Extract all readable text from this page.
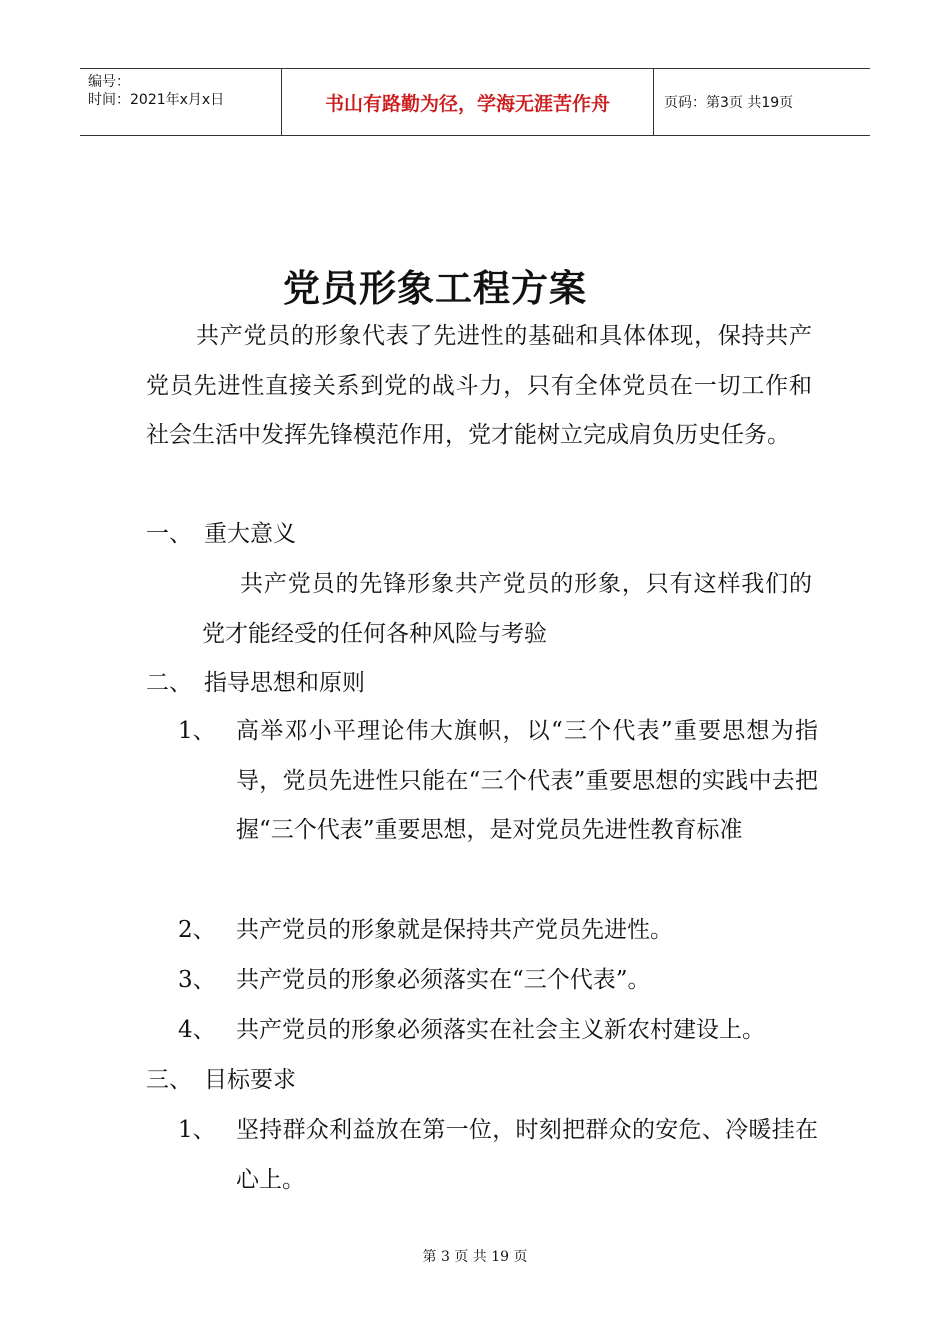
编号：
时间：2021年x月x日	书山有路勤为径，学海无涯苦作舟	页码：第3页 共19页
党员形象工程方案

共产党员的形象代表了先进性的基础和具体体现，保持共产党员先进性直接关系到党的战斗力，只有全体党员在一切工作和社会生活中发挥先锋模范作用，党才能树立完成肩负历史任务。

一、 重大意义

共产党员的先锋形象共产党员的形象，只有这样我们的党才能经受的任何各种风险与考验

二、 指导思想和原则
1、 高举邓小平理论伟大旗帜，以“三个代表”重要思想为指导，党员先进性只能在“三个代表”重要思想的实践中去把握“三个代表”重要思想，是对党员先进性教育标准
2、 共产党员的形象就是保持共产党员先进性。
3、 共产党员的形象必须落实在“三个代表”。
4、 共产党员的形象必须落实在社会主义新农村建设上。
三、 目标要求
1、 坚持群众利益放在第一位，时刻把群众的安危、冷暖挂在心上。
第 3 页 共 19 页
